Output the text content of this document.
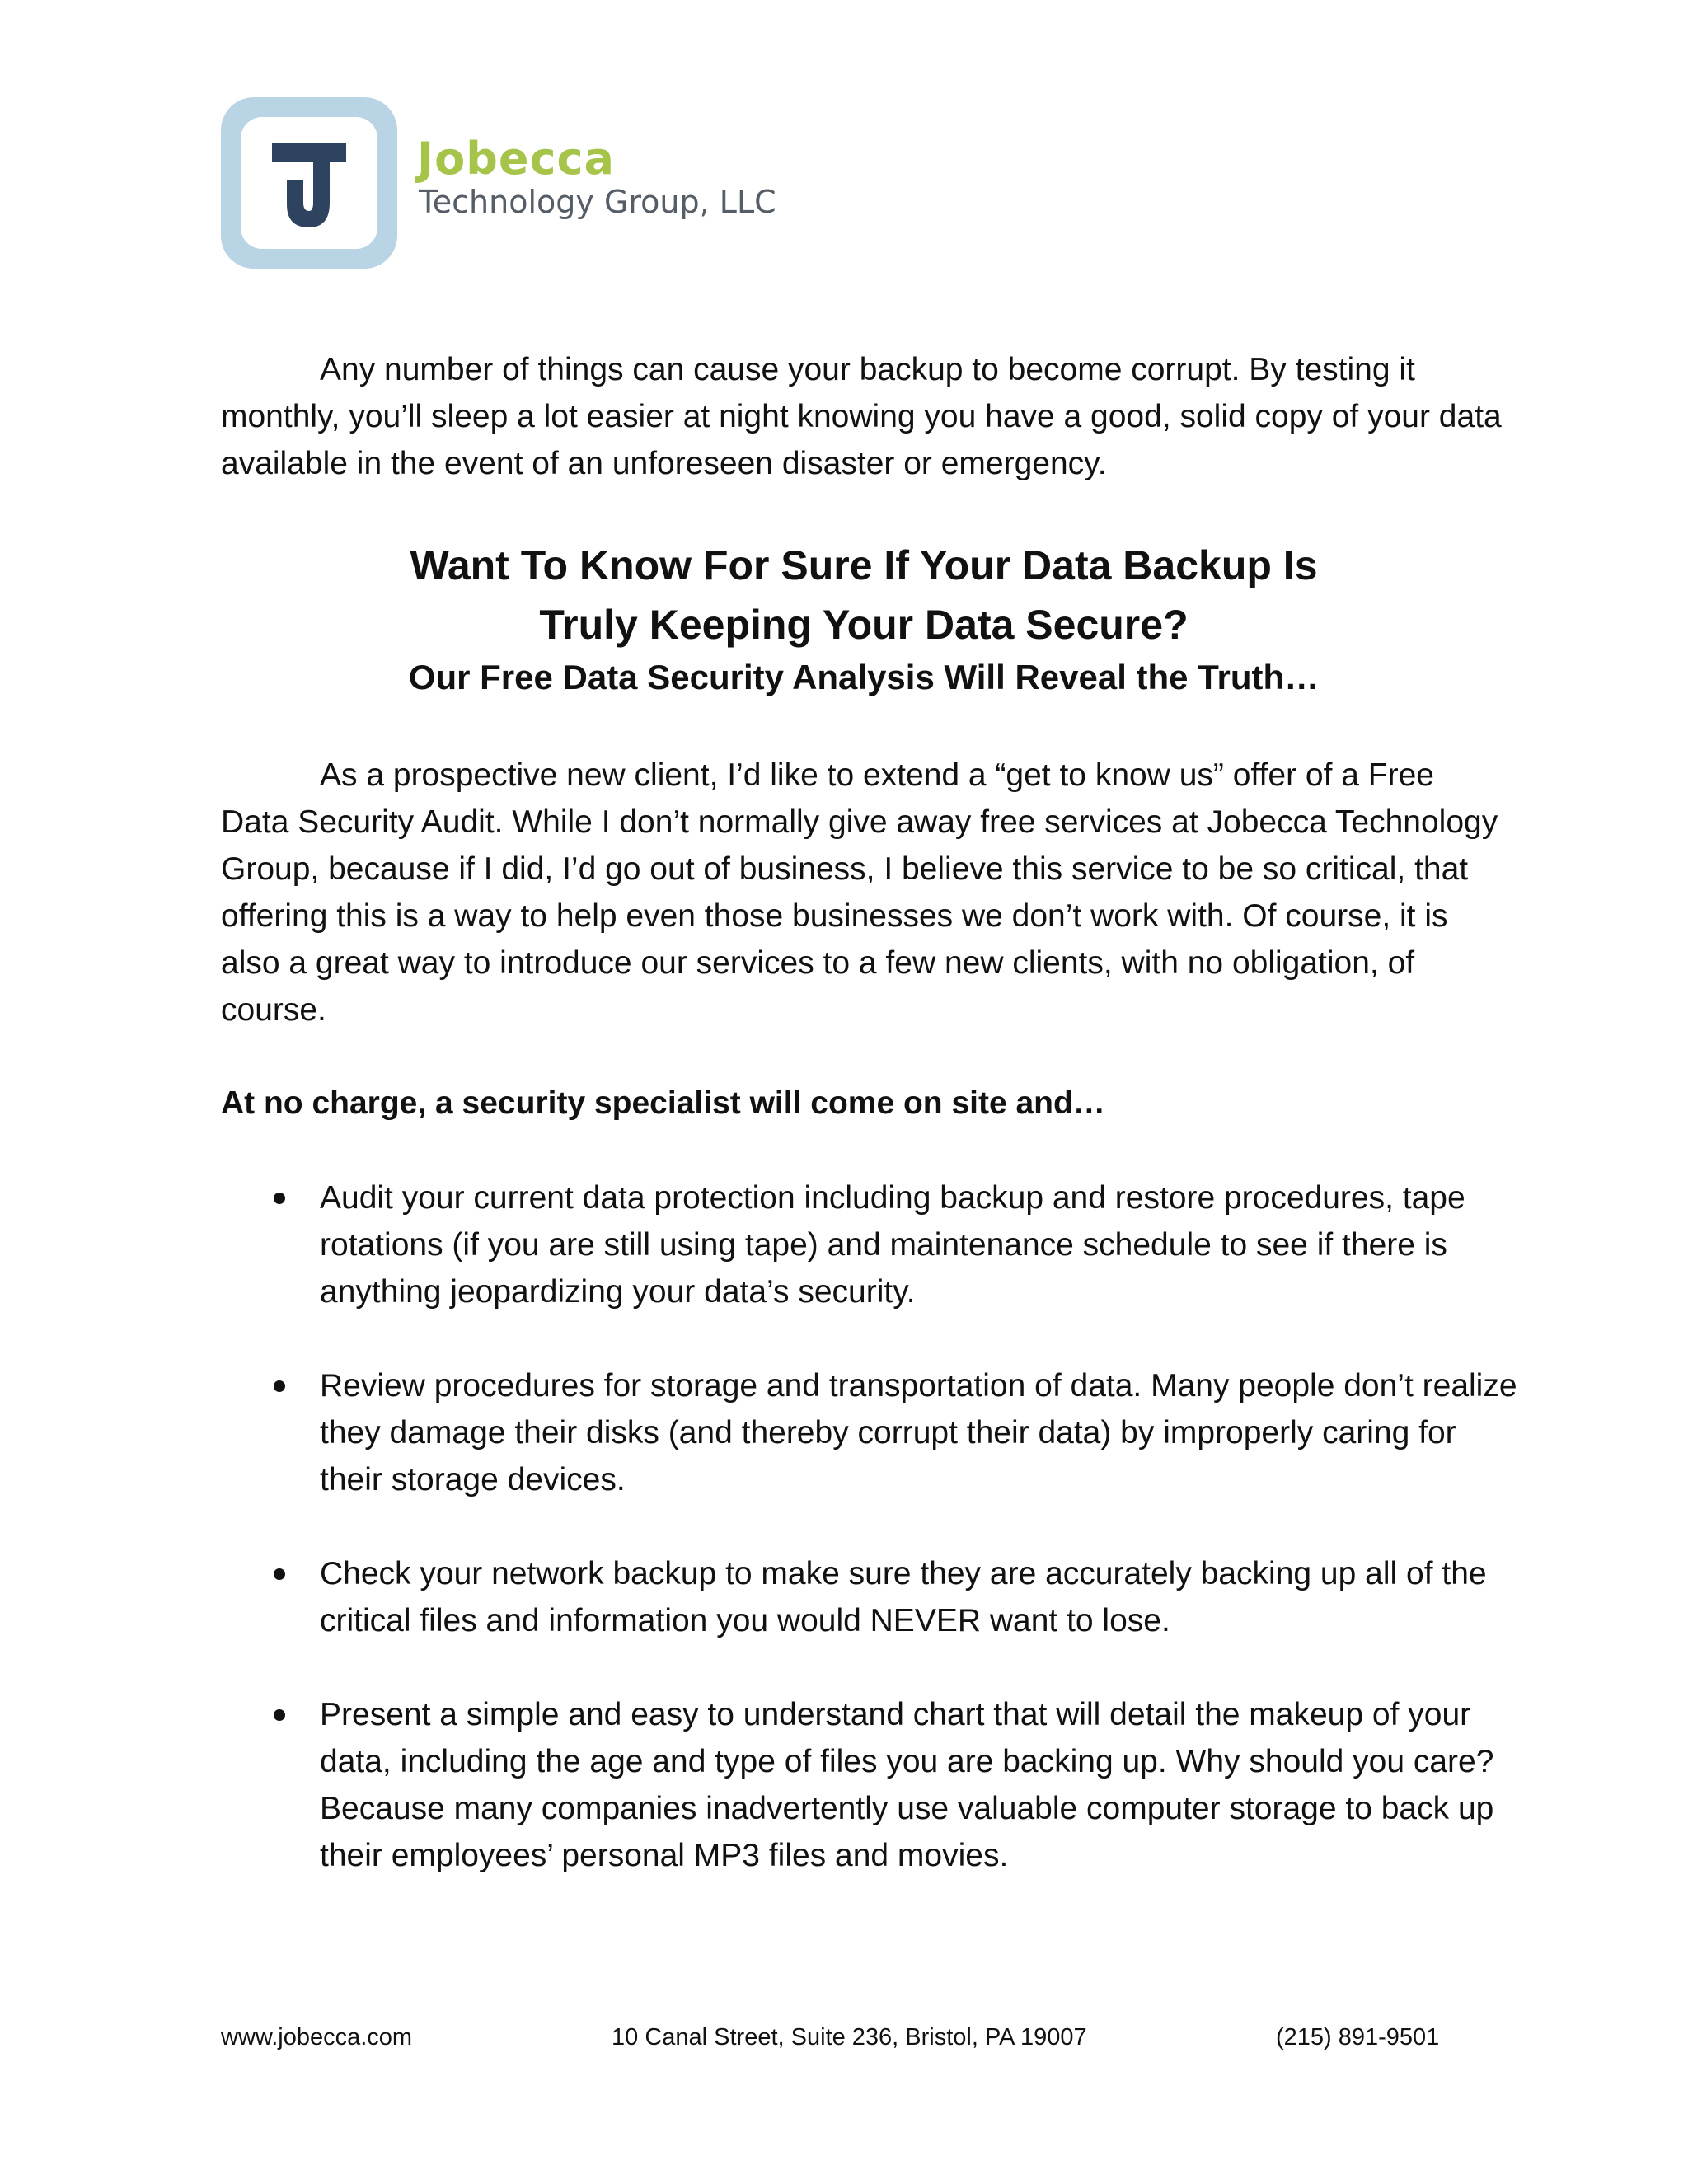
Jobecca
Technology Group, LLC

Any number of things can cause your backup to become corrupt. By testing it monthly, you’ll sleep a lot easier at night knowing you have a good, solid copy of your data available in the event of an unforeseen disaster or emergency.

Want To Know For Sure If Your Data Backup Is
Truly Keeping Your Data Secure?
Our Free Data Security Analysis Will Reveal the Truth…

As a prospective new client, I’d like to extend a “get to know us” offer of a Free Data Security Audit. While I don’t normally give away free services at Jobecca Technology Group, because if I did, I’d go out of business, I believe this service to be so critical, that offering this is a way to help even those businesses we don’t work with. Of course, it is also a great way to introduce our services to a few new clients, with no obligation, of course.

At no charge, a security specialist will come on site and…

Audit your current data protection including backup and restore procedures, tape rotations (if you are still using tape) and maintenance schedule to see if there is anything jeopardizing your data’s security.
Review procedures for storage and transportation of data. Many people don’t realize they damage their disks (and thereby corrupt their data) by improperly caring for their storage devices.
Check your network backup to make sure they are accurately backing up all of the critical files and information you would NEVER want to lose.
Present a simple and easy to understand chart that will detail the makeup of your data, including the age and type of files you are backing up. Why should you care? Because many companies inadvertently use valuable computer storage to back up their employees’ personal MP3 files and movies.
www.jobecca.com	10 Canal Street, Suite 236, Bristol, PA 19007	(215) 891-9501
